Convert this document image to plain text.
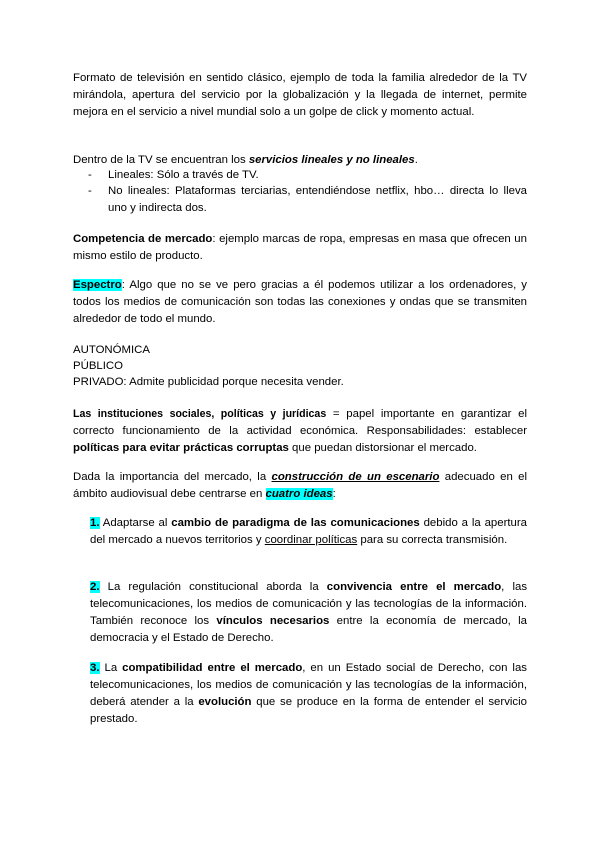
Formato de televisión en sentido clásico, ejemplo de toda la familia alrededor de la TV mirándola, apertura del servicio por la globalización y la llegada de internet, permite mejora en el servicio a nivel mundial solo a un golpe de click y momento actual.

Dentro de la TV se encuentran los servicios lineales y no lineales.

- Lineales: Sólo a través de TV.
- No lineales: Plataformas terciarias, entendiéndose netflix, hbo… directa lo lleva uno y indirecta dos.

Competencia de mercado: ejemplo marcas de ropa, empresas en masa que ofrecen un mismo estilo de producto.

Espectro: Algo que no se ve pero gracias a él podemos utilizar a los ordenadores, y todos los medios de comunicación son todas las conexiones y ondas que se transmiten alrededor de todo el mundo.

AUTONÓMICA

PÚBLICO

PRIVADO: Admite publicidad porque necesita vender.

Las instituciones sociales, políticas y jurídicas = papel importante en garantizar el correcto funcionamiento de la actividad económica. Responsabilidades: establecer políticas para evitar prácticas corruptas que puedan distorsionar el mercado.

Dada la importancia del mercado, la construcción de un escenario adecuado en el ámbito audiovisual debe centrarse en cuatro ideas:

1. Adaptarse al cambio de paradigma de las comunicaciones debido a la apertura del mercado a nuevos territorios y coordinar políticas para su correcta transmisión.
2. La regulación constitucional aborda la convivencia entre el mercado, las telecomunicaciones, los medios de comunicación y las tecnologías de la información. También reconoce los vínculos necesarios entre la economía de mercado, la democracia y el Estado de Derecho.
3. La compatibilidad entre el mercado, en un Estado social de Derecho, con las telecomunicaciones, los medios de comunicación y las tecnologías de la información, deberá atender a la evolución que se produce en la forma de entender el servicio prestado.
